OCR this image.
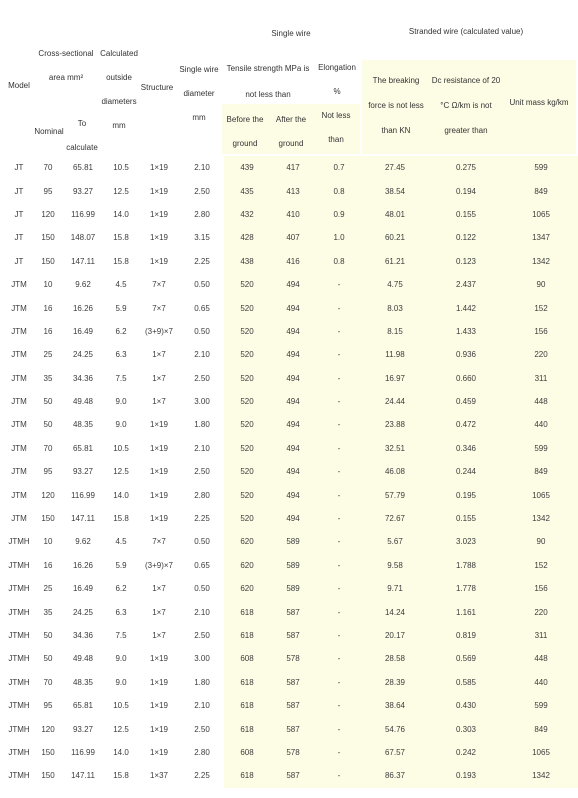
Model
Cross-sectional area mm²
Nominal
To calculate
Calculated outside diameters mm
Structure
Single wire diameter mm
Single wire
Tensile strength MPa is not less than
Before the ground
After the ground
Elongation %
Not less than
Stranded wire (calculated value)
The breaking force is not less than KN
Dc resistance of 20 °C Ω/km is not greater than
Unit mass kg/km
JT	70	65.81	10.5	1×19	2.10	439	417	0.7	27.45	0.275	599
JT	95	93.27	12.5	1×19	2.50	435	413	0.8	38.54	0.194	849
JT	120	116.99	14.0	1×19	2.80	432	410	0.9	48.01	0.155	1065
JT	150	148.07	15.8	1×19	3.15	428	407	1.0	60.21	0.122	1347
JT	150	147.11	15.8	1×19	2.25	438	416	0.8	61.21	0.123	1342
JTM	10	9.62	4.5	7×7	0.50	520	494	-	4.75	2.437	90
JTM	16	16.26	5.9	7×7	0.65	520	494	-	8.03	1.442	152
JTM	16	16.49	6.2	(3+9)×7	0.50	520	494	-	8.15	1.433	156
JTM	25	24.25	6.3	1×7	2.10	520	494	-	11.98	0.936	220
JTM	35	34.36	7.5	1×7	2.50	520	494	-	16.97	0.660	311
JTM	50	49.48	9.0	1×7	3.00	520	494	-	24.44	0.459	448
JTM	50	48.35	9.0	1×19	1.80	520	494	-	23.88	0.472	440
JTM	70	65.81	10.5	1×19	2.10	520	494	-	32.51	0.346	599
JTM	95	93.27	12.5	1×19	2.50	520	494	-	46.08	0.244	849
JTM	120	116.99	14.0	1×19	2.80	520	494	-	57.79	0.195	1065
JTM	150	147.11	15.8	1×19	2.25	520	494	-	72.67	0.155	1342
JTMH	10	9.62	4.5	7×7	0.50	620	589	-	5.67	3.023	90
JTMH	16	16.26	5.9	(3+9)×7	0.65	620	589	-	9.58	1.788	152
JTMH	25	16.49	6.2	1×7	0.50	620	589	-	9.71	1.778	156
JTMH	35	24.25	6.3	1×7	2.10	618	587	-	14.24	1.161	220
JTMH	50	34.36	7.5	1×7	2.50	618	587	-	20.17	0.819	311
JTMH	50	49.48	9.0	1×19	3.00	608	578	-	28.58	0.569	448
JTMH	70	48.35	9.0	1×19	1.80	618	587	-	28.39	0.585	440
JTMH	95	65.81	10.5	1×19	2.10	618	587	-	38.64	0.430	599
JTMH	120	93.27	12.5	1×19	2.50	618	587	-	54.76	0.303	849
JTMH	150	116.99	14.0	1×19	2.80	608	578	-	67.57	0.242	1065
JTMH	150	147.11	15.8	1×37	2.25	618	587	-	86.37	0.193	1342
